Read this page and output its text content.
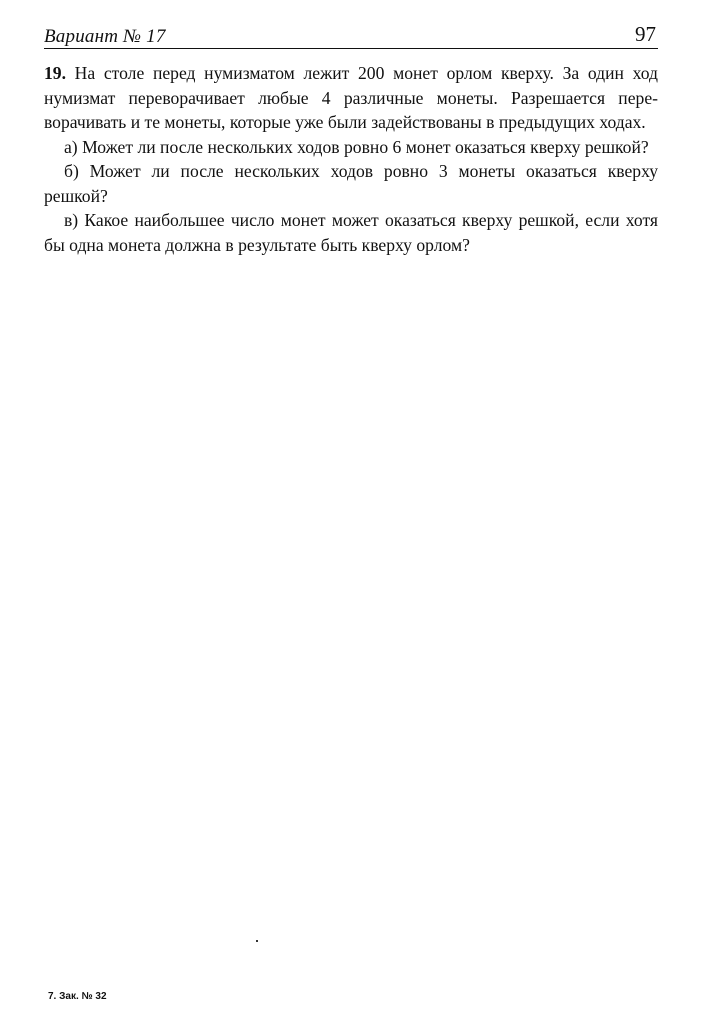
Вариант № 17	97

19. На столе перед нумизматом лежит 200 монет орлом кверху. За один ход нумизмат переворачивает любые 4 различные монеты. Разрешается переворачивать и те монеты, которые уже были задействованы в предыдущих ходах.

а) Может ли после нескольких ходов ровно 6 монет оказаться кверху решкой?

б) Может ли после нескольких ходов ровно 3 монеты оказаться кверху решкой?

в) Какое наибольшее число монет может оказаться кверху решкой, если хотя бы одна монета должна в результате быть кверху орлом?

7. Зак. № 32
